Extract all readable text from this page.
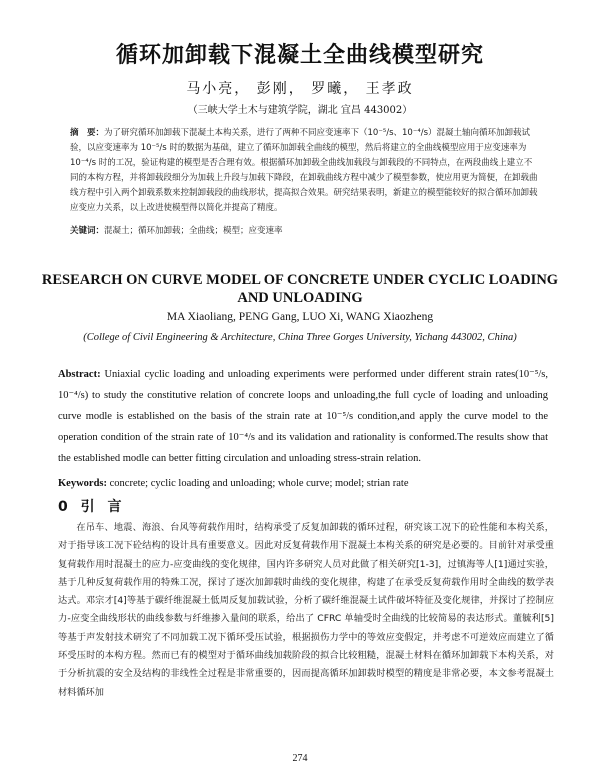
循环加卸载下混凝土全曲线模型研究
马小亮， 彭刚， 罗曦， 王孝政
（三峡大学土木与建筑学院，湖北 宜昌 443002）
摘　要：为了研究循环加卸载下混凝土本构关系，进行了两种不同应变速率下（10⁻⁵/s、10⁻⁴/s）混凝土轴向循环加卸载试验，以应变速率为 10⁻⁵/s 时的数据为基础，建立了循环加卸载全曲线的模型，然后将建立的全曲线模型应用于应变速率为 10⁻⁴/s 时的工况，验证构建的模型是否合理有效。根据循环加卸载全曲线加载段与卸载段的不同特点，在两段曲线上建立不同的本构方程，并将卸载段细分为加载上升段与加载下降段，在卸载曲线方程中减少了模型参数，使应用更为简便，在卸载曲线方程中引入两个卸载系数来控制卸载段的曲线形状，提高拟合效果。研究结果表明，新建立的模型能较好的拟合循环加卸载应变应力关系，以上改进使模型得以简化并提高了精度。
关键词：混凝土；循环加卸载；全曲线；模型；应变速率
RESEARCH ON CURVE MODEL OF CONCRETE UNDER CYCLIC LOADING AND UNLOADING
MA Xiaoliang, PENG Gang, LUO Xi, WANG Xiaozheng
(College of Civil Engineering & Architecture, China Three Gorges University, Yichang 443002, China)
Abstract: Uniaxial cyclic loading and unloading experiments were performed under different strain rates(10⁻⁵/s, 10⁻⁴/s) to study the constitutive relation of concrete loops and unloading,the full cycle of loading and unloading curve modle is established on the basis of the strain rate at 10⁻⁵/s condition,and apply the curve model to the operation condition of the strain rate of 10⁻⁴/s and its validation and rationality is conformed.The results show that the established modle can better fitting circulation and unloading stress-strain relation.
Keywords: concrete; cyclic loading and unloading; whole curve; model; strian rate
0 引 言

在吊车、地震、海浪、台风等荷载作用时，结构承受了反复加卸载的循环过程，研究该工况下的砼性能和本构关系，对于指导该工况下砼结构的设计具有重要意义。因此对反复荷载作用下混凝土本构关系的研究是必要的。目前针对承受重复荷载作用时混凝土的应力-应变曲线的变化规律，国内许多研究人员对此做了相关研究[1-3]，过镇海等人[1]通过实验，基于几种反复荷载作用的特殊工况，探讨了逐次加卸载时曲线的变化规律，构建了在承受反复荷载作用时全曲线的数学表达式。邓宗才[4]等基于碳纤维混凝土低周反复加载试验，分析了碳纤维混凝土试件破坏特征及变化规律，并探讨了控制应力-应变全曲线形状的曲线参数与纤维掺入量间的联系，给出了 CFRC 单轴受时全曲线的比较简易的表达形式。董毓利[5]等基于声发射技术研究了不同加载工况下循环受压试验，根据损伤力学中的等效应变假定，并考虑不可逆效应而建立了循环受压时的本构方程。然而已有的模型对于循环曲线加载阶段的拟合比较粗糙，混凝土材料在循环加卸载下本构关系，对于分析抗震的安全及结构的非线性全过程是非常重要的，因而提高循环加卸载时模型的精度是非常必要，本文参考混凝土材料循环加

274
